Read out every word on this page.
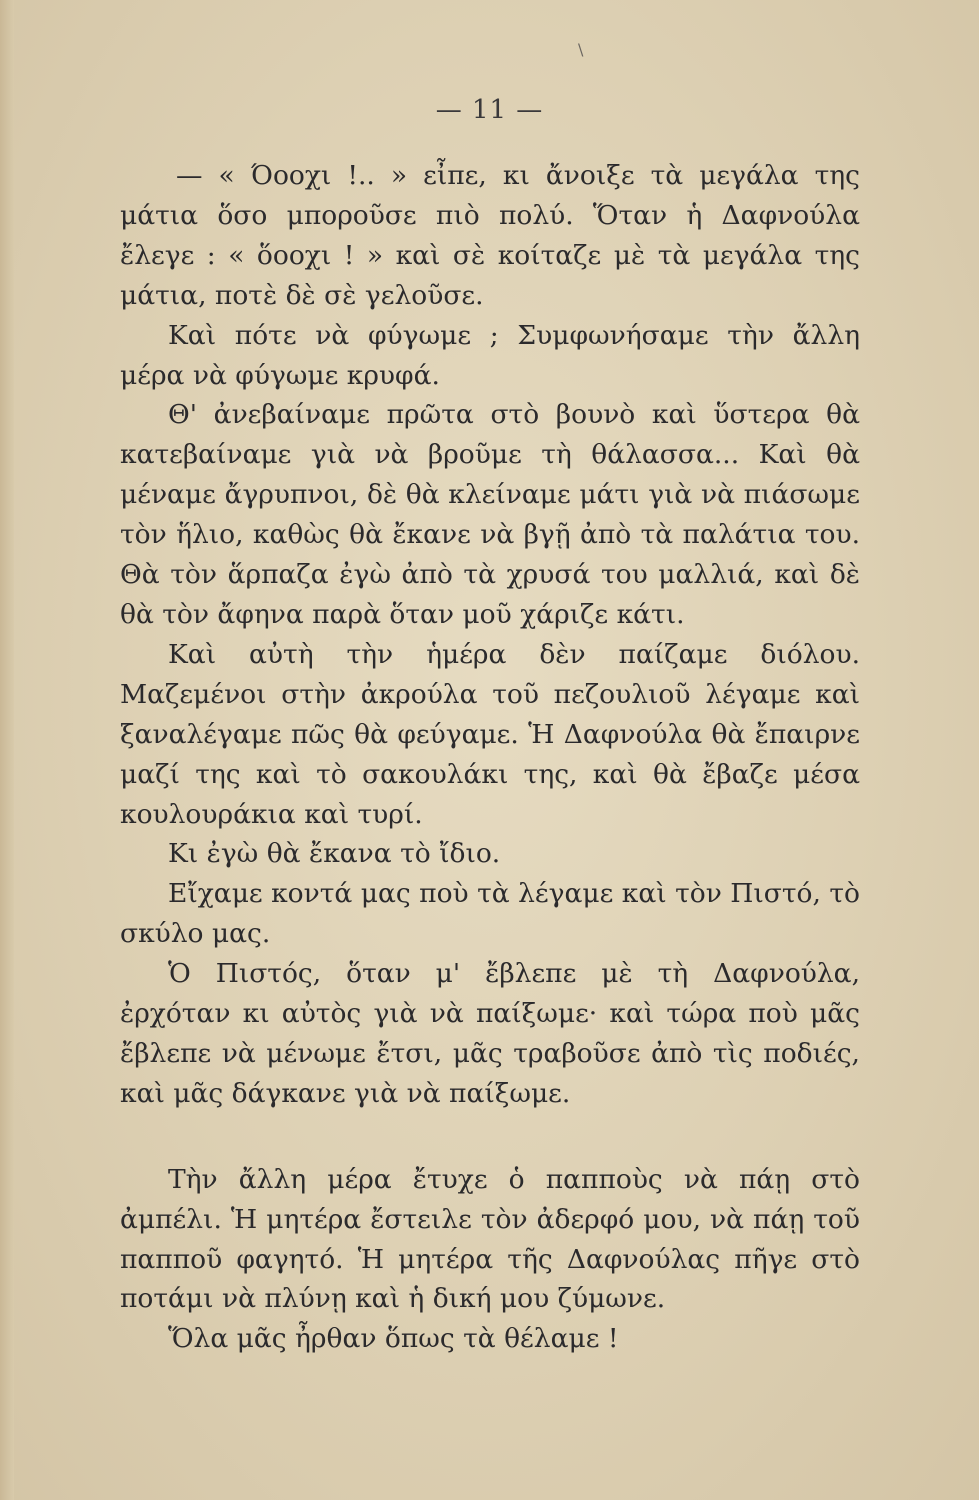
\
— 11 —

— « Όοοχι !.. » εἶπε, κι ἄνοιξε τὰ μεγάλα της μάτια ὅσο μποροῦσε πιὸ πολύ. Ὅταν ἡ Δαφνούλα ἔλεγε : « ὅοοχι ! » καὶ σὲ κοίταζε μὲ τὰ μεγάλα της μάτια, ποτὲ δὲ σὲ γελοῦσε.

Καὶ πότε νὰ φύγωμε ; Συμφωνήσαμε τὴν ἄλλη μέρα νὰ φύγωμε κρυφά.

Θ' ἀνεβαίναμε πρῶτα στὸ βουνὸ καὶ ὕστερα θὰ κατεβαίναμε γιὰ νὰ βροῦμε τὴ θάλασσα... Καὶ θὰ μέναμε ἄγρυπνοι, δὲ θὰ κλείναμε μάτι γιὰ νὰ πιάσωμε τὸν ἥλιο, καθὼς θὰ ἔκανε νὰ βγῇ ἀπὸ τὰ παλάτια του. Θὰ τὸν ἅρπαζα ἐγὼ ἀπὸ τὰ χρυσά του μαλλιά, καὶ δὲ θὰ τὸν ἄφηνα παρὰ ὅταν μοῦ χάριζε κάτι.

Καὶ αὐτὴ τὴν ἡμέρα δὲν παίζαμε διόλου. Μαζεμένοι στὴν ἀκρούλα τοῦ πεζουλιοῦ λέγαμε καὶ ξαναλέγαμε πῶς θὰ φεύγαμε. Ἡ Δαφνούλα θὰ ἔπαιρνε μαζί της καὶ τὸ σακουλάκι της, καὶ θὰ ἔβαζε μέσα κουλουράκια καὶ τυρί.

Κι ἐγὼ θὰ ἔκανα τὸ ἴδιο.

Εἴχαμε κοντά μας ποὺ τὰ λέγαμε καὶ τὸν Πιστό, τὸ σκύλο μας.

Ὁ Πιστός, ὅταν μ' ἔβλεπε μὲ τὴ Δαφνούλα, ἐρχόταν κι αὐτὸς γιὰ νὰ παίξωμε· καὶ τώρα ποὺ μᾶς ἔβλεπε νὰ μένωμε ἔτσι, μᾶς τραβοῦσε ἀπὸ τὶς ποδιές, καὶ μᾶς δάγκανε γιὰ νὰ παίξωμε.

Τὴν ἄλλη μέρα ἔτυχε ὁ παπποὺς νὰ πάῃ στὸ ἀμπέλι. Ἡ μητέρα ἔστειλε τὸν ἀδερφό μου, νὰ πάῃ τοῦ παπποῦ φαγητό. Ἡ μητέρα τῆς Δαφνούλας πῆγε στὸ ποτάμι νὰ πλύνῃ καὶ ἡ δική μου ζύμωνε.

Ὅλα μᾶς ἦρθαν ὅπως τὰ θέλαμε !
